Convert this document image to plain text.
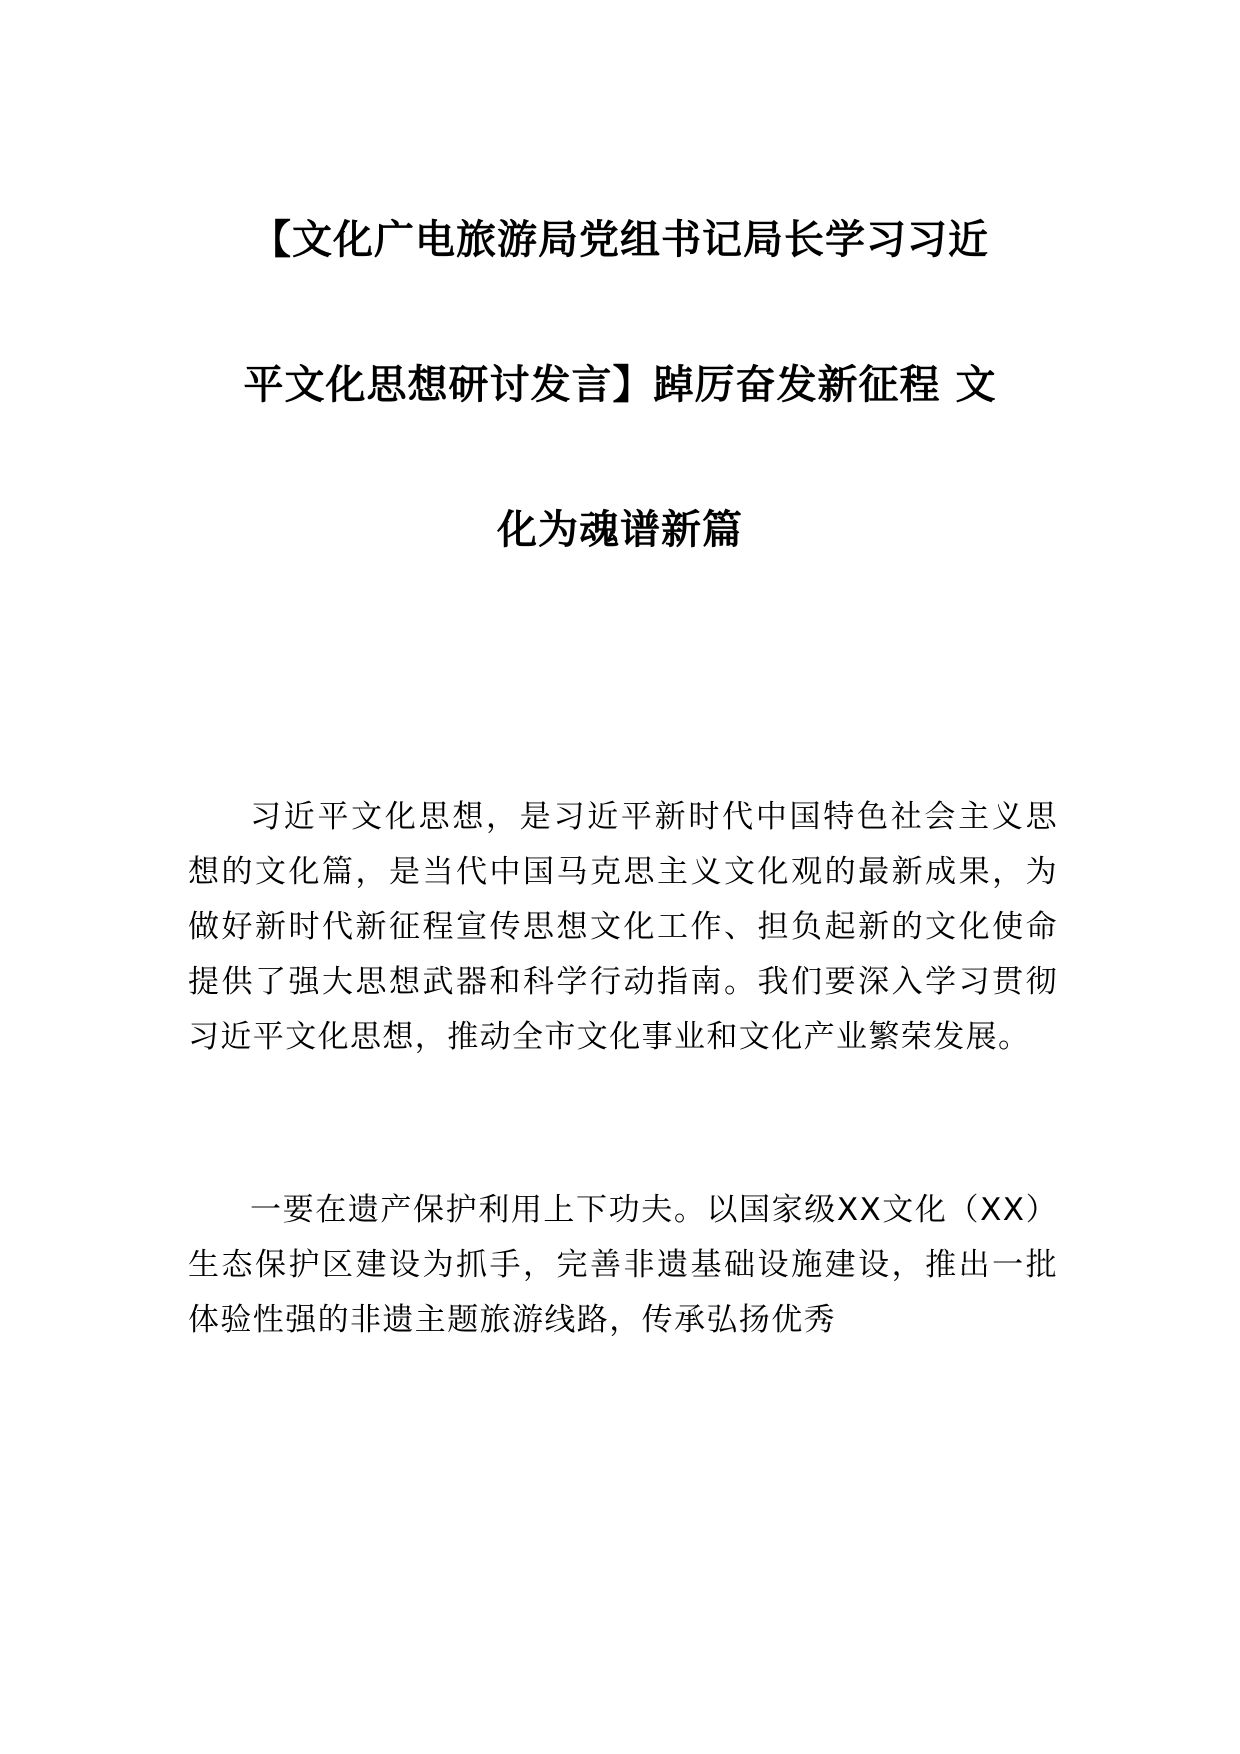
【文化广电旅游局党组书记局长学习习近
平文化思想研讨发言】踔厉奋发新征程 文
化为魂谱新篇

习近平文化思想，是习近平新时代中国特色社会主义思想的文化篇，是当代中国马克思主义文化观的最新成果，为做好新时代新征程宣传思想文化工作、担负起新的文化使命提供了强大思想武器和科学行动指南。我们要深入学习贯彻习近平文化思想，推动全市文化事业和文化产业繁荣发展。

一要在遗产保护利用上下功夫。以国家级XX文化（XX）生态保护区建设为抓手，完善非遗基础设施建设，推出一批体验性强的非遗主题旅游线路，传承弘扬优秀
